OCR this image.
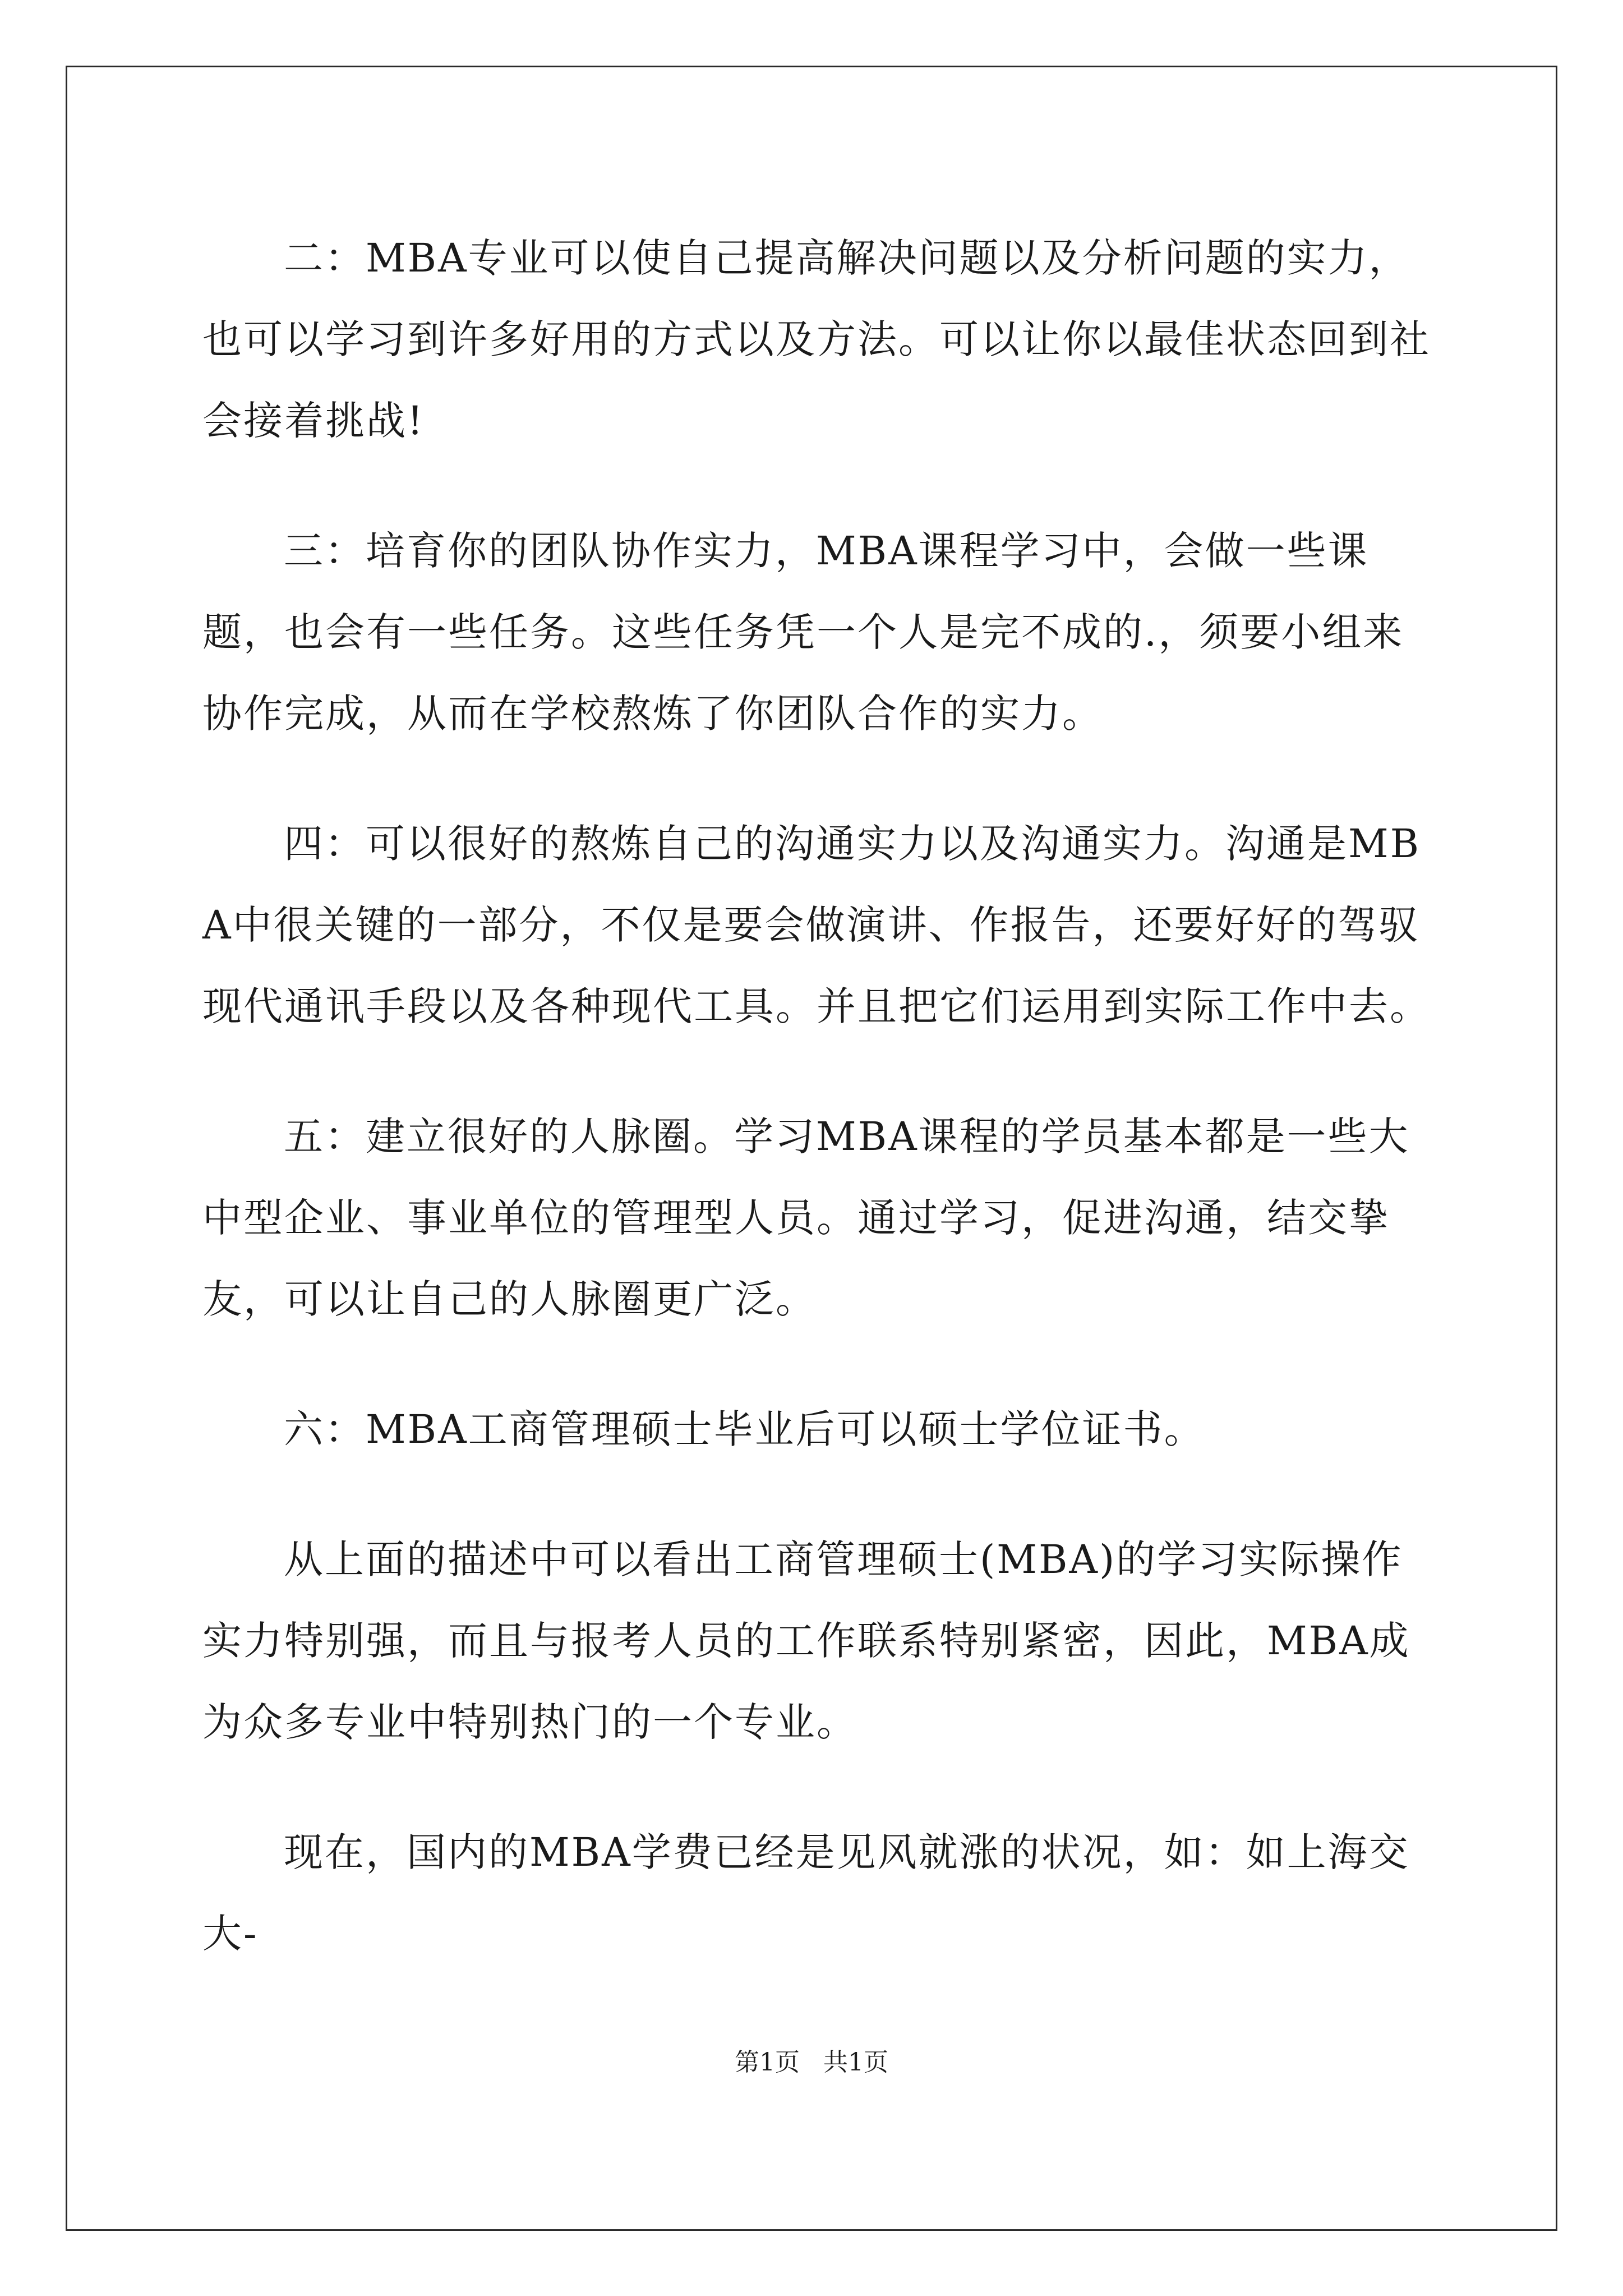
二：MBA专业可以使自己提高解决问题以及分析问题的实力，也可以学习到许多好用的方式以及方法。可以让你以最佳状态回到社会接着挑战!

三：培育你的团队协作实力，MBA课程学习中，会做一些课题，也会有一些任务。这些任务凭一个人是完不成的.，须要小组来协作完成，从而在学校熬炼了你团队合作的实力。

四：可以很好的熬炼自己的沟通实力以及沟通实力。沟通是MBA中很关键的一部分，不仅是要会做演讲、作报告，还要好好的驾驭现代通讯手段以及各种现代工具。并且把它们运用到实际工作中去。

五：建立很好的人脉圈。学习MBA课程的学员基本都是一些大中型企业、事业单位的管理型人员。通过学习，促进沟通，结交挚友，可以让自己的人脉圈更广泛。

六：MBA工商管理硕士毕业后可以硕士学位证书。

从上面的描述中可以看出工商管理硕士(MBA)的学习实际操作实力特别强，而且与报考人员的工作联系特别紧密，因此，MBA成为众多专业中特别热门的一个专业。

现在，国内的MBA学费已经是见风就涨的状况，如：如上海交大-

第1页 共1页
